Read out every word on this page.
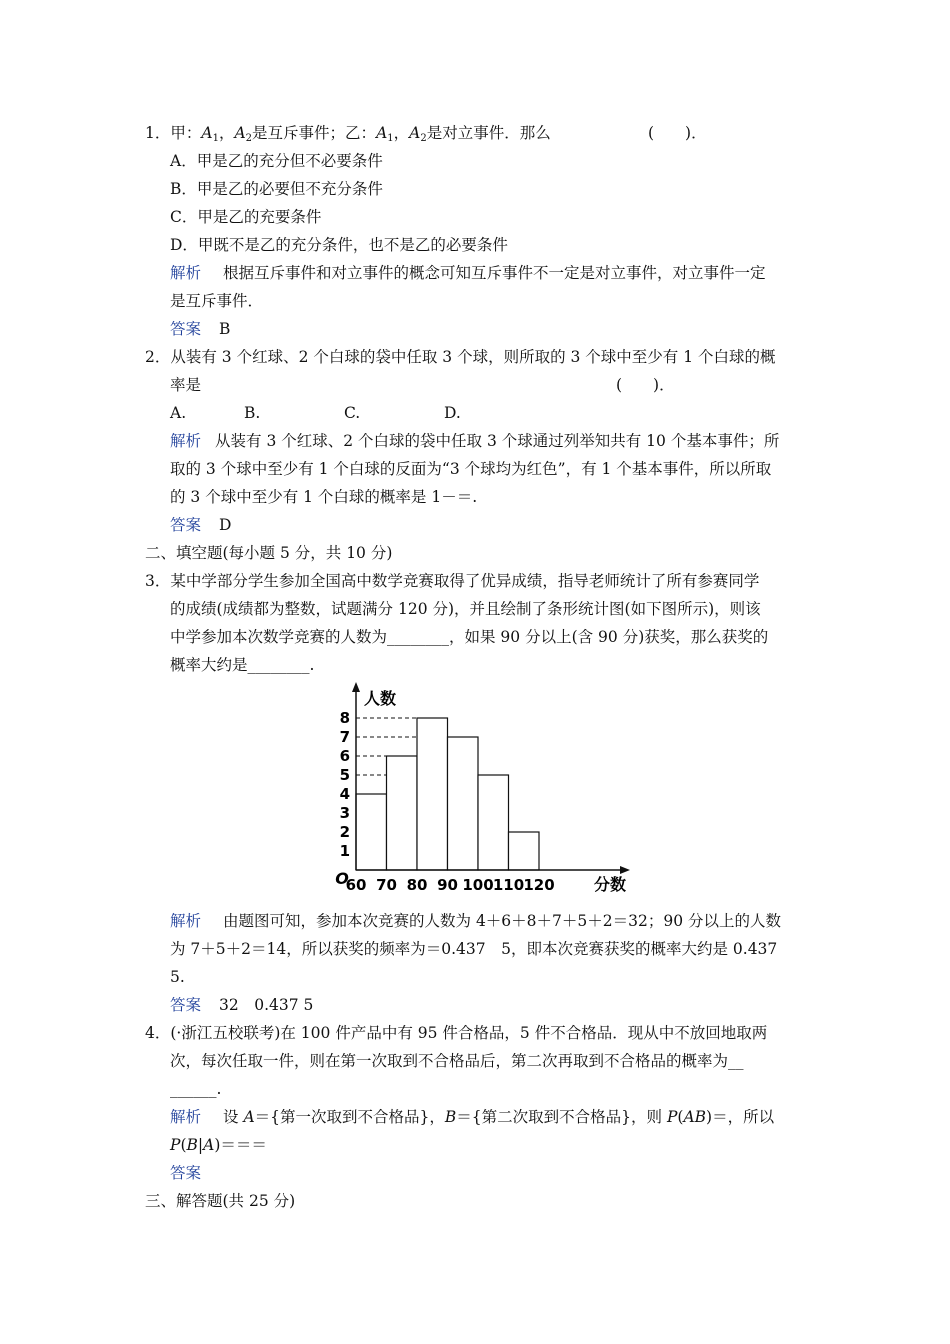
1．甲：$A_1$，$A_2$是互斥事件；乙：$A_1$，$A_2$是对立事件．那么	(　　)．
A．甲是乙的充分但不必要条件
B．甲是乙的必要但不充分条件
C．甲是乙的充要条件
D．甲既不是乙的充分条件，也不是乙的必要条件
解析 根据互斥事件和对立事件的概念可知互斥事件不一定是对立事件，对立事件一定
是互斥事件．
答案 B
2．从装有 3 个红球、2 个白球的袋中任取 3 个球，则所取的 3 个球中至少有 1 个白球的概
率是	(　　)．
A.	B.	C.	D.
解析 从装有 3 个红球、2 个白球的袋中任取 3 个球通过列举知共有 10 个基本事件；所
取的 3 个球中至少有 1 个白球的反面为“3 个球均为红色”，有 1 个基本事件，所以所取
的 3 个球中至少有 1 个白球的概率是 1－＝.
答案 D
二、填空题(每小题 5 分，共 10 分)
3．某中学部分学生参加全国高中数学竞赛取得了优异成绩，指导老师统计了所有参赛同学
的成绩(成绩都为整数，试题满分 120 分)，并且绘制了条形统计图(如下图所示)，则该
中学参加本次数学竞赛的人数为________，如果 90 分以上(含 90 分)获奖，那么获奖的
概率大约是________.
1
2
3
4
5
6
7
8
60 70 80 90 100 110 120
O
人数
分数
解析 由题图可知，参加本次竞赛的人数为 4＋6＋8＋7＋5＋2＝32；90 分以上的人数
为 7＋5＋2＝14，所以获奖的频率为＝0.437　5，即本次竞赛获奖的概率大约是 0.437
5.
答案 32　0.437 5
4．(·浙江五校联考)在 100 件产品中有 95 件合格品，5 件不合格品．现从中不放回地取两
次，每次任取一件，则在第一次取到不合格品后，第二次再取到不合格品的概率为__
______.
解析 设 A＝{第一次取到不合格品}，B＝{第二次取到不合格品}，则 P(AB)＝，所以
P(B|A)＝＝＝
答案
三、解答题(共 25 分)
